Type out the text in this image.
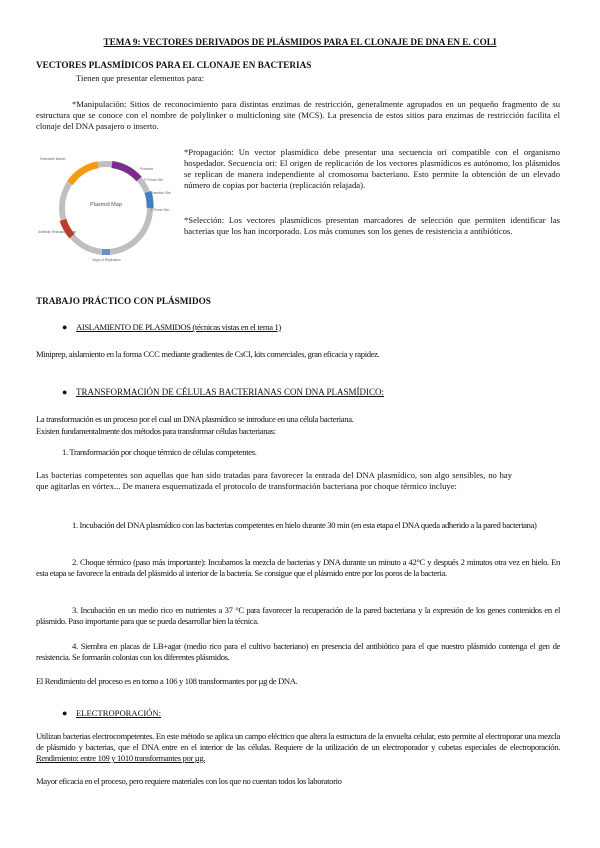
TEMA 9: VECTORES DERIVADOS DE PLÁSMIDOS PARA EL CLONAJE DE DNA EN E. COLI

VECTORES PLASMÍDICOS PARA EL CLONAJE EN BACTERIAS

Tienen que presentar elementos para:

*Manipulación: Sitios de reconocimiento para distintas enzimas de restricción, generalmente agrupados en un pequeño fragmento de su estructura que se conoce con el nombre de polylinker o multicloning site (MCS). La presencia de estos sitios para enzimas de restricción facilita el clonaje del DNA pasajero o inserto.

Plasmid Map
Selectable Marker
Promoter
5' Primer Site
Insertion Site
3' Primer Site
Origin of Replication
Antibiotic Resistance Gene

*Propagación: Un vector plasmídico debe presentar una secuencia ori compatible con el organismo hospedador. Secuencia ori: El origen de replicación de los vectores plasmídicos es autónomo, los plásmidos se replican de manera independiente al cromosoma bacteriano. Esto permite la obtención de un elevado número de copias por bacteria (replicación relajada).

*Selección: Los vectores plasmídicos presentan marcadores de selección que permiten identificar las bacterias que los han incorporado. Los más comunes son los genes de resistencia a antibióticos.

TRABAJO PRÁCTICO CON PLÁSMIDOS

● AISLAMIENTO DE PLASMIDOS (técnicas vistas en el tema 1)

Miniprep, aislamiento en la forma CCC mediante gradientes de CsCl, kits comerciales, gran eficacia y rapidez.

● TRANSFORMACIÓN DE CÉLULAS BACTERIANAS CON DNA PLASMÍDICO:

La transformación es un proceso por el cual un DNA plasmídico se introduce en una célula bacteriana.

Existen fundamentalmente dos métodos para transformar células bacterianas:

1. Transformación por choque térmico de células competentes.

Las bacterias competentes son aquellas que han sido tratadas para favorecer la entrada del DNA plasmídico, son algo sensibles, no hay que agitarlas en vórtex... De manera esquematizada el protocolo de transformación bacteriana por choque térmico incluye:

1. Incubación del DNA plasmídico con las bacterias competentes en hielo durante 30 min (en esta etapa el DNA queda adherido a la pared bacteriana)

2. Choque térmico (paso más importante): Incubamos la mezcla de bacterias y DNA durante un minuto a 42°C y después 2 minutos otra vez en hielo. En esta etapa se favorece la entrada del plásmido al interior de la bacteria. Se consigue que el plásmido entre por los poros de la bacteria.

3. Incubación en un medio rico en nutrientes a 37 °C para favorecer la recuperación de la pared bacteriana y la expresión de los genes contenidos en el plásmido. Paso importante para que se pueda desarrollar bien la técnica.

4. Siembra en placas de LB+agar (medio rico para el cultivo bacteriano) en presencia del antibiótico para el que nuestro plásmido contenga el gen de resistencia. Se formarán colonias con los diferentes plásmidos.

El Rendimiento del proceso es en torno a 106 y 108 transformantes por µg de DNA.

● ELECTROPORACIÓN:

Utilizan bacterias electrocompetentes. En este método se aplica un campo eléctrico que altera la estructura de la envuelta celular, esto permite al electroporar una mezcla de plásmido y bacterias, que el DNA entre en el interior de las células. Requiere de la utilización de un electroporador y cubetas especiales de electroporación. Rendimiento: entre 109 y 1010 transformantes por µg.

Mayor eficacia en el proceso, pero requiere materiales con los que no cuentan todos los laboratorio
